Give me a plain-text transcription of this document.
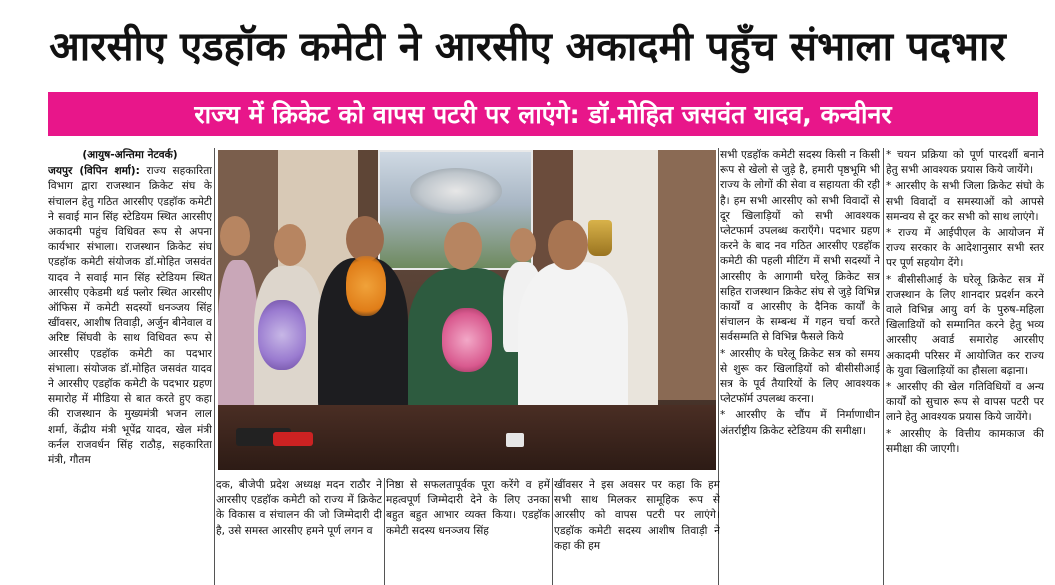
आरसीए एडहॉक कमेटी ने आरसीए अकादमी पहुँच संभाला पदभार
राज्य में क्रिकेट को वापस पटरी पर लाएंगे: डॉ.मोहित जसवंत यादव, कन्वीनर

(आयुष-अन्तिमा नेटवर्क)

जयपुर (विपिन शर्मा): राज्य सहकारिता विभाग द्वारा राजस्थान क्रिकेट संघ के संचालन हेतु गठित आरसीए एडहॉक कमेटी ने सवाई मान सिंह स्टेडियम स्थित आरसीए अकादमी पहुंच विधिवत रूप से अपना कार्यभार संभाला। राजस्थान क्रिकेट संघ एडहॉक कमेटी संयोजक डॉ.मोहित जसवंत यादव ने सवाई मान सिंह स्टेडियम स्थित आरसीए एकेडमी थर्ड फ्लोर स्थित आरसीए ऑफिस में कमेटी सदस्यों धनञ्जय सिंह खींवसर, आशीष तिवाड़ी, अर्जुन बीनेवाल व अरिष्ट सिंघवी के साथ विधिवत रूप से आरसीए एडहॉक कमेटी का पदभार संभाला। संयोजक डॉ.मोहित जसवंत यादव ने आरसीए एडहॉक कमेटी के पदभार ग्रहण समारोह में मीडिया से बात करते हुए कहा की राजस्थान के मुख्यमंत्री भजन लाल शर्मा, केंद्रीय मंत्री भूपेंद्र यादव, खेल मंत्री कर्नल राजवर्धन सिंह राठौड़, सहकारिता मंत्री, गौतम

दक, बीजेपी प्रदेश अध्यक्ष मदन राठौर ने आरसीए एडहॉक कमेटी को राज्य में क्रिकेट के विकास व संचालन की जो जिम्मेदारी दी है, उसे समस्त आरसीए हमने पूर्ण लगन व

निष्ठा से सफलतापूर्वक पूरा करेंगे व हमें महत्वपूर्ण जिम्मेदारी देने के लिए उनका बहुत बहुत आभार व्यक्त किया। एडहॉक कमेटी सदस्य धनञ्जय सिंह

खींवसर ने इस अवसर पर कहा कि हम सभी साथ मिलकर सामूहिक रूप से आरसीए को वापस पटरी पर लाएंगे। एडहॉक कमेटी सदस्य आशीष तिवाड़ी ने कहा की हम

सभी एडहॉक कमेटी सदस्य किसी न किसी रूप से खेलो से जुड़े है, हमारी पृष्ठभूमि भी राज्य के लोगों की सेवा व सहायता की रही है। हम सभी आरसीए को सभी विवादों से दूर खिलाड़ियों को सभी आवश्यक प्लेटफार्म उपलब्ध कराएँगे। पदभार ग्रहण करने के बाद नव गठित आरसीए एडहॉक कमेटी की पहली मीटिंग में सभी सदस्यों ने आरसीए के आगामी घरेलू क्रिकेट सत्र सहित राजस्थान क्रिकेट संघ से जुड़े विभिन्न कार्यों व आरसीए के दैनिक कार्यों के संचालन के सम्बन्ध में गहन चर्चा करते सर्वसम्मति से विभिन्न फैसले किये

* आरसीए के घरेलू क्रिकेट सत्र को समय से शुरू कर खिलाड़ियों को बीसीसीआई सत्र के पूर्व तैयारियों के लिए आवश्यक प्लेटफॉर्म उपलब्ध करना।

* आरसीए के चौंप में निर्माणाधीन अंतर्राष्ट्रीय क्रिकेट स्टेडियम की समीक्षा।

* चयन प्रक्रिया को पूर्ण पारदर्शी बनाने हेतु सभी आवश्यक प्रयास किये जायेंगे।

* आरसीए के सभी जिला क्रिकेट संघो के सभी विवादों व समस्याओं को आपसे समन्वय से दूर कर सभी को साथ लाएंगे।

* राज्य में आईपीएल के आयोजन में राज्य सरकार के आदेशानुसार सभी स्तर पर पूर्ण सहयोग देंगे।

* बीसीसीआई के घरेलू क्रिकेट सत्र में राजस्थान के लिए शानदार प्रदर्शन करने वाले विभिन्न आयु वर्ग के पुरुष-महिला खिलाडियों को सम्मानित करने हेतु भव्य आरसीए अवार्ड समारोह आरसीए अकादमी परिसर में आयोजित कर राज्य के युवा खिलाड़ियों का हौसला बढ़ाना।

* आरसीए की खेल गतिविधियों व अन्य कार्यों को सुचारु रूप से वापस पटरी पर लाने हेतु आवश्यक प्रयास किये जायेंगे।

* आरसीए के वित्तीय कामकाज की समीक्षा की जाएगी।
